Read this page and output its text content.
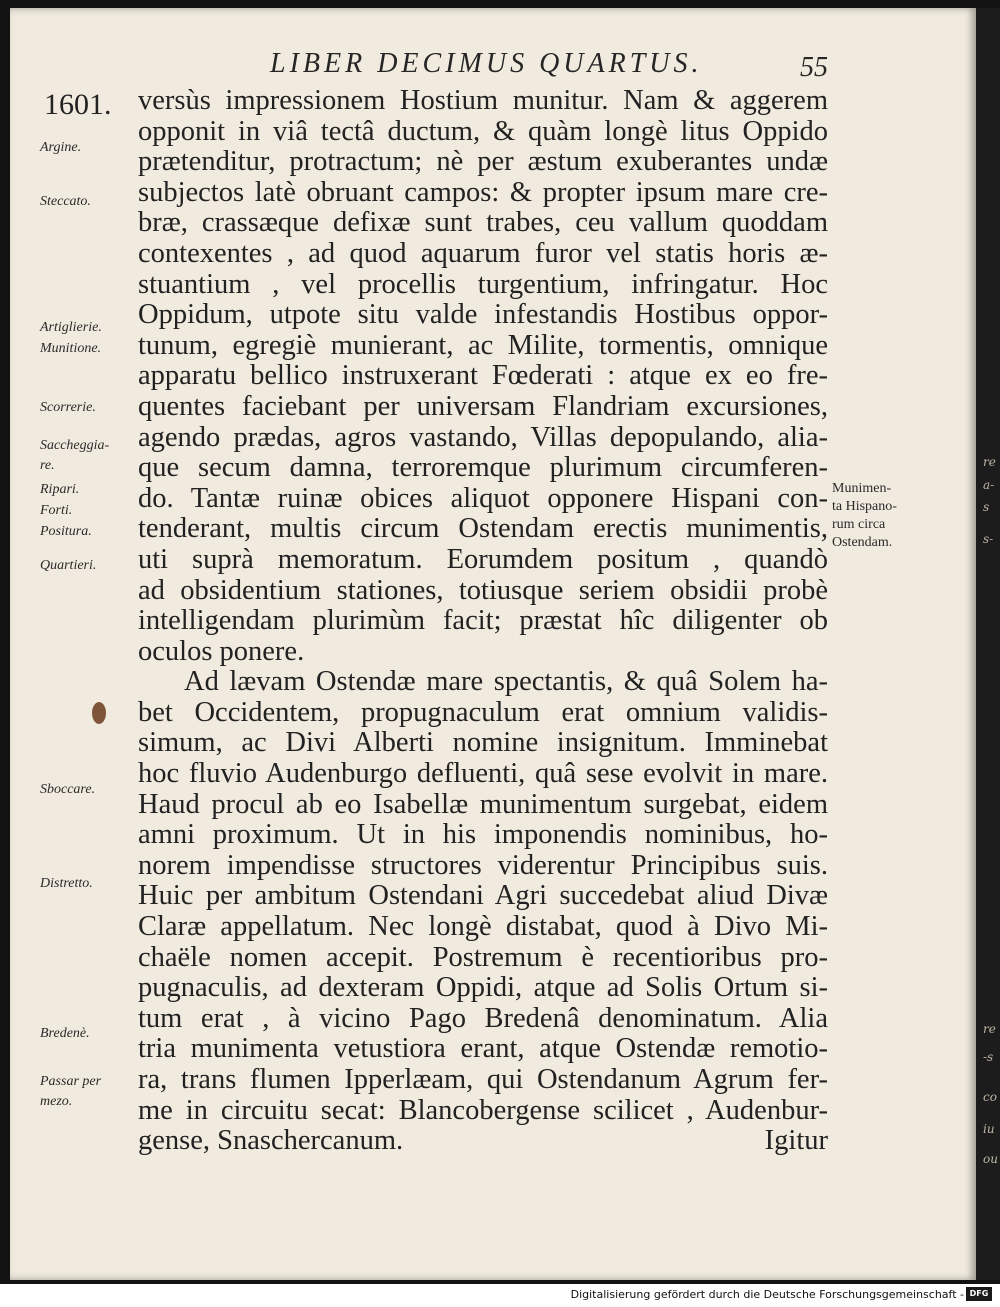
re
a-
s
s-
re
-s
co
iu
ou
LIBER DECIMUS QUARTUS.	55
1601. versùs impressionem Hostium munitur. Nam & aggerem
opponit in viâ tectâ ductum, & quàm longè litus Oppido
prætenditur, protractum; nè per æstum exuberantes undæ
subjectos latè obruant campos: & propter ipsum mare cre-
bræ, crassæque defixæ sunt trabes, ceu vallum quoddam
contexentes , ad quod aquarum furor vel statis horis æ-
stuantium , vel procellis turgentium, infringatur. Hoc
Oppidum, utpote situ valde infestandis Hostibus oppor-
tunum, egregiè munierant, ac Milite, tormentis, omnique
apparatu bellico instruxerant Fœderati : atque ex eo fre-
quentes faciebant per universam Flandriam excursiones,
agendo prædas, agros vastando, Villas depopulando, alia-
que secum damna, terroremque plurimum circumferen-
do. Tantæ ruinæ obices aliquot opponere Hispani con-
tenderant, multis circum Ostendam erectis munimentis,
uti suprà memoratum. Eorumdem positum , quandò
ad obsidentium stationes, totiusque seriem obsidii probè
intelligendam plurimùm facit; præstat hîc diligenter ob
oculos ponere.
Ad lævam Ostendæ mare spectantis, & quâ Solem ha-
bet Occidentem, propugnaculum erat omnium validis-
simum, ac Divi Alberti nomine insignitum. Imminebat
hoc fluvio Audenburgo defluenti, quâ sese evolvit in mare.
Haud procul ab eo Isabellæ munimentum surgebat, eidem
amni proximum. Ut in his imponendis nominibus, ho-
norem impendisse structores viderentur Principibus suis.
Huic per ambitum Ostendani Agri succedebat aliud Divæ
Claræ appellatum. Nec longè distabat, quod à Divo Mi-
chaële nomen accepit. Postremum è recentioribus pro-
pugnaculis, ad dexteram Oppidi, atque ad Solis Ortum si-
tum erat , à vicino Pago Bredenâ denominatum. Alia
tria munimenta vetustiora erant, atque Ostendæ remotio-
ra, trans flumen Ipperlæam, qui Ostendanum Agrum fer-
me in circuitu secat: Blancobergense scilicet , Audenbur-
gense, Snaschercanum.	Igitur
Argine.
Steccato.
Artiglierie.
Munitione.
Scorrerie.
Saccheggia-
re.
Ripari.
Forti.
Positura.
Quartieri.
Sboccare.
Distretto.
Bredenè.
Passar per
mezo.
Munimen-
ta Hispano-
rum circa
Ostendam.
Digitalisierung gefördert durch die Deutsche Forschungsgemeinschaft - DFG
